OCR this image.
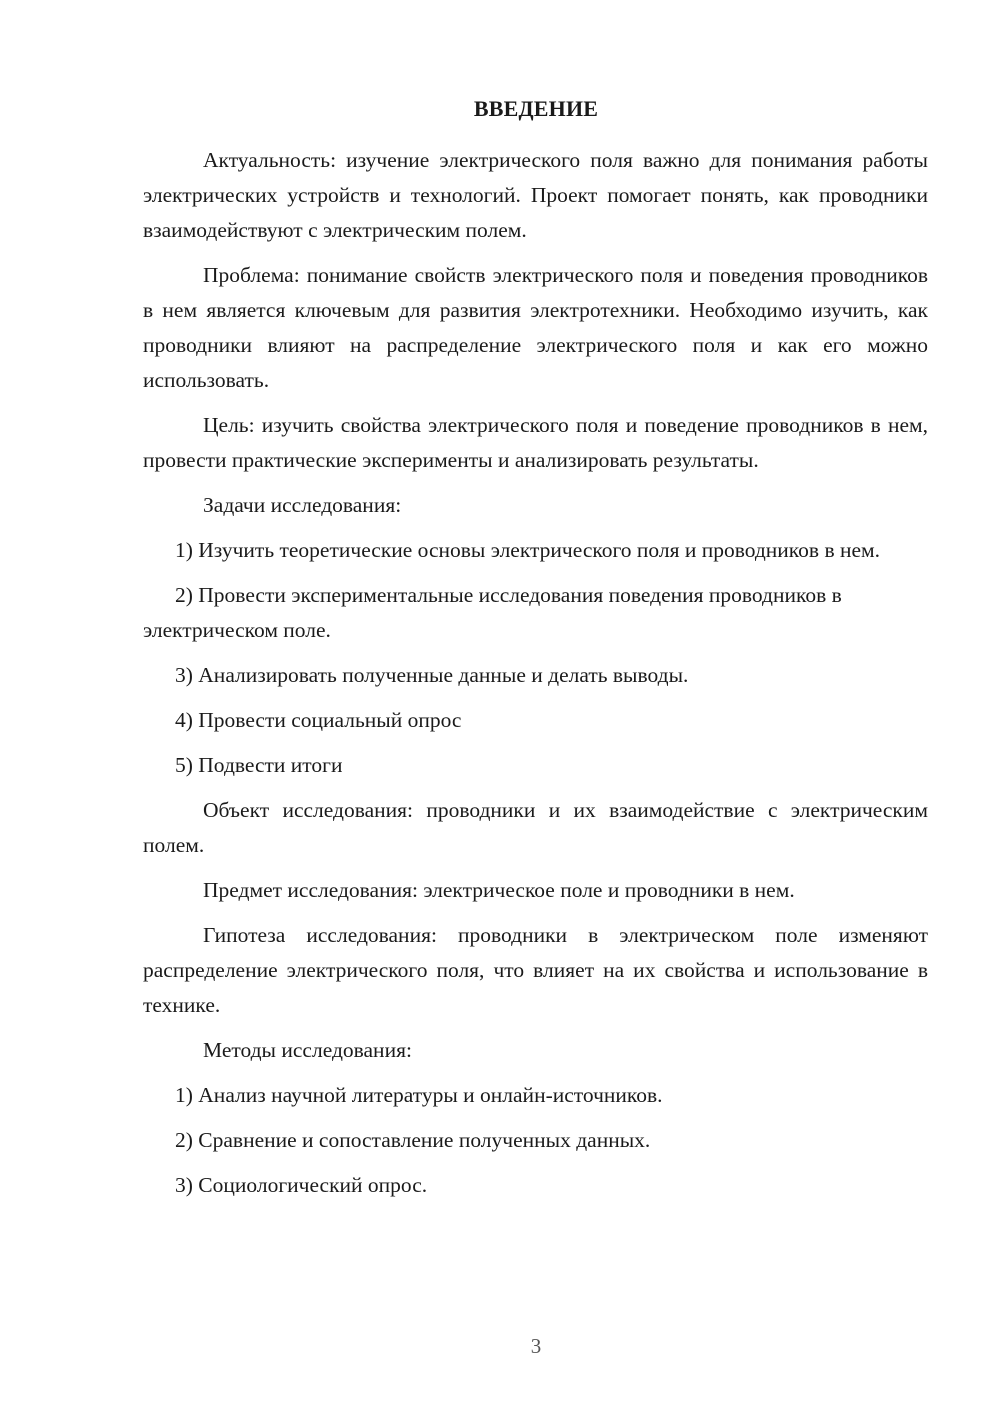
ВВЕДЕНИЕ

Актуальность: изучение электрического поля важно для понимания работы электрических устройств и технологий. Проект помогает понять, как проводники взаимодействуют с электрическим полем.

Проблема: понимание свойств электрического поля и поведения проводников в нем является ключевым для развития электротехники. Необходимо изучить, как проводники влияют на распределение электрического поля и как его можно использовать.

Цель: изучить свойства электрического поля и поведение проводников в нем, провести практические эксперименты и анализировать результаты.

Задачи исследования:

1) Изучить теоретические основы электрического поля и проводников в нем.

2) Провести экспериментальные исследования поведения проводников в электрическом поле.

3) Анализировать полученные данные и делать выводы.

4) Провести социальный опрос

5) Подвести итоги

Объект исследования: проводники и их взаимодействие с электрическим полем.

Предмет исследования: электрическое поле и проводники в нем.

Гипотеза исследования: проводники в электрическом поле изменяют распределение электрического поля, что влияет на их свойства и использование в технике.

Методы исследования:

1) Анализ научной литературы и онлайн-источников.

2) Сравнение и сопоставление полученных данных.

3) Социологический опрос.

3
